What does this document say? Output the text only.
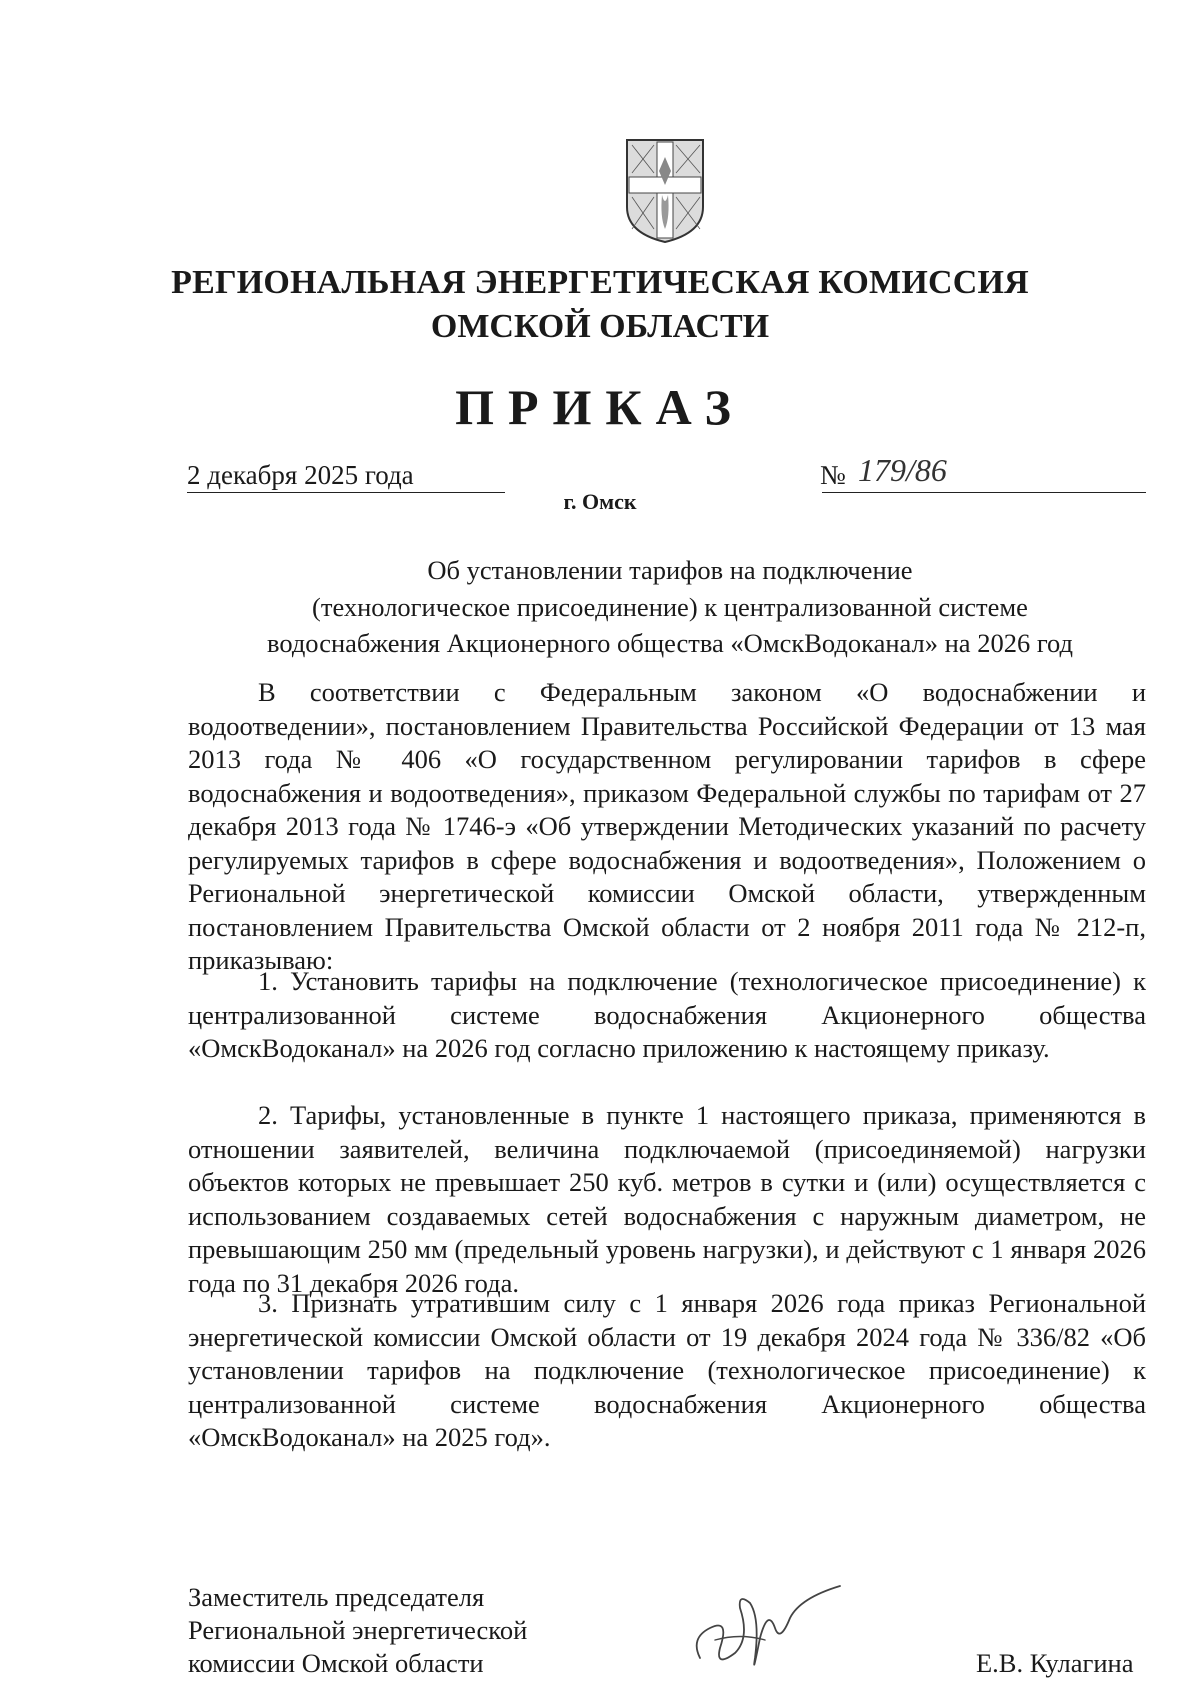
РЕГИОНАЛЬНАЯ ЭНЕРГЕТИЧЕСКАЯ КОМИССИЯ
ОМСКОЙ ОБЛАСТИ
ПРИКАЗ
2 декабря 2025 года	№ 179/86
г. Омск
Об установлении тарифов на подключение
(технологическое присоединение) к централизованной системе
водоснабжения Акционерного общества «ОмскВодоканал» на 2026 год

В соответствии с Федеральным законом «О водоснабжении и водоотведении», постановлением Правительства Российской Федерации от 13 мая 2013 года № 406 «О государственном регулировании тарифов в сфере водоснабжения и водоотведения», приказом Федеральной службы по тарифам от 27 декабря 2013 года № 1746-э «Об утверждении Методических указаний по расчету регулируемых тарифов в сфере водоснабжения и водоотведения», Положением о Региональной энергетической комиссии Омской области, утвержденным постановлением Правительства Омской области от 2 ноября 2011 года № 212-п, приказываю:

1. Установить тарифы на подключение (технологическое присоединение) к централизованной системе водоснабжения Акционерного общества «ОмскВодоканал» на 2026 год согласно приложению к настоящему приказу.

2. Тарифы, установленные в пункте 1 настоящего приказа, применяются в отношении заявителей, величина подключаемой (присоединяемой) нагрузки объектов которых не превышает 250 куб. метров в сутки и (или) осуществляется с использованием создаваемых сетей водоснабжения с наружным диаметром, не превышающим 250 мм (предельный уровень нагрузки), и действуют с 1 января 2026 года по 31 декабря 2026 года.

3. Признать утратившим силу с 1 января 2026 года приказ Региональной энергетической комиссии Омской области от 19 декабря 2024 года № 336/82 «Об установлении тарифов на подключение (технологическое присоединение) к централизованной системе водоснабжения Акционерного общества «ОмскВодоканал» на 2025 год».

Заместитель председателя
Региональной энергетической
комиссии Омской области	Е.В. Кулагина
